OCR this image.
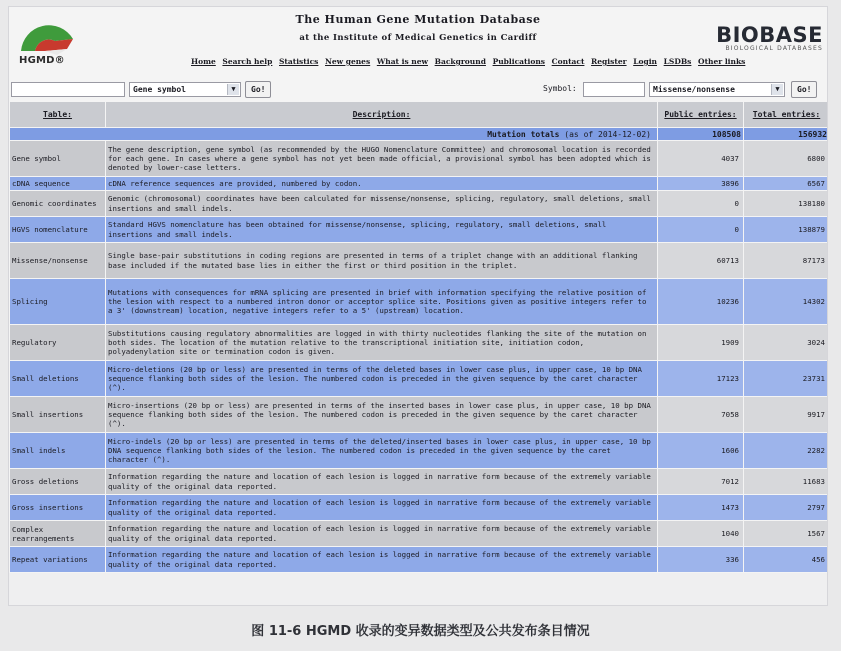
HGMD®
The Human Gene Mutation Database
at the Institute of Medical Genetics in Cardiff
Home Search help Statistics New genes What is new Background Publications Contact Register Login LSDBs Other links
BIOBASE
BIOLOGICAL DATABASES
Gene symbol	▼	Go!	Symbol:	Missense/nonsense	▼	Go!
Table:	Description:	Public entries:	Total entries:
Mutation totals (as of 2014-12-02)		108508	156932
Gene symbol	The gene description, gene symbol (as recommended by the HUGO Nomenclature Committee) and chromosomal location is recorded for each gene. In cases where a gene symbol has not yet been made official, a provisional symbol has been adopted which is denoted by lower-case letters.	4037	6800
cDNA sequence	cDNA reference sequences are provided, numbered by codon.	3896	6567
Genomic coordinates	Genomic (chromosomal) coordinates have been calculated for missense/nonsense, splicing, regulatory, small deletions, small insertions and small indels.	0	138180
HGVS nomenclature	Standard HGVS nomenclature has been obtained for missense/nonsense, splicing, regulatory, small deletions, small insertions and small indels.	0	138879
Missense/nonsense	Single base-pair substitutions in coding regions are presented in terms of a triplet change with an additional flanking base included if the mutated base lies in either the first or third position in the triplet.	60713	87173
Splicing	Mutations with consequences for mRNA splicing are presented in brief with information specifying the relative position of the lesion with respect to a numbered intron donor or acceptor splice site. Positions given as positive integers refer to a 3' (downstream) location, negative integers refer to a 5' (upstream) location.	10236	14302
Regulatory	Substitutions causing regulatory abnormalities are logged in with thirty nucleotides flanking the site of the mutation on both sides. The location of the mutation relative to the transcriptional initiation site, initiation codon, polyadenylation site or termination codon is given.	1909	3024
Small deletions	Micro-deletions (20 bp or less) are presented in terms of the deleted bases in lower case plus, in upper case, 10 bp DNA sequence flanking both sides of the lesion. The numbered codon is preceded in the given sequence by the caret character (^).	17123	23731
Small insertions	Micro-insertions (20 bp or less) are presented in terms of the inserted bases in lower case plus, in upper case, 10 bp DNA sequence flanking both sides of the lesion. The numbered codon is preceded in the given sequence by the caret character (^).	7058	9917
Small indels	Micro-indels (20 bp or less) are presented in terms of the deleted/inserted bases in lower case plus, in upper case, 10 bp DNA sequence flanking both sides of the lesion. The numbered codon is preceded in the given sequence by the caret character (^).	1606	2282
Gross deletions	Information regarding the nature and location of each lesion is logged in narrative form because of the extremely variable quality of the original data reported.	7012	11683
Gross insertions	Information regarding the nature and location of each lesion is logged in narrative form because of the extremely variable quality of the original data reported.	1473	2797
Complex rearrangements	Information regarding the nature and location of each lesion is logged in narrative form because of the extremely variable quality of the original data reported.	1040	1567
Repeat variations	Information regarding the nature and location of each lesion is logged in narrative form because of the extremely variable quality of the original data reported.	336	456
图 11-6 HGMD 收录的变异数据类型及公共发布条目情况
